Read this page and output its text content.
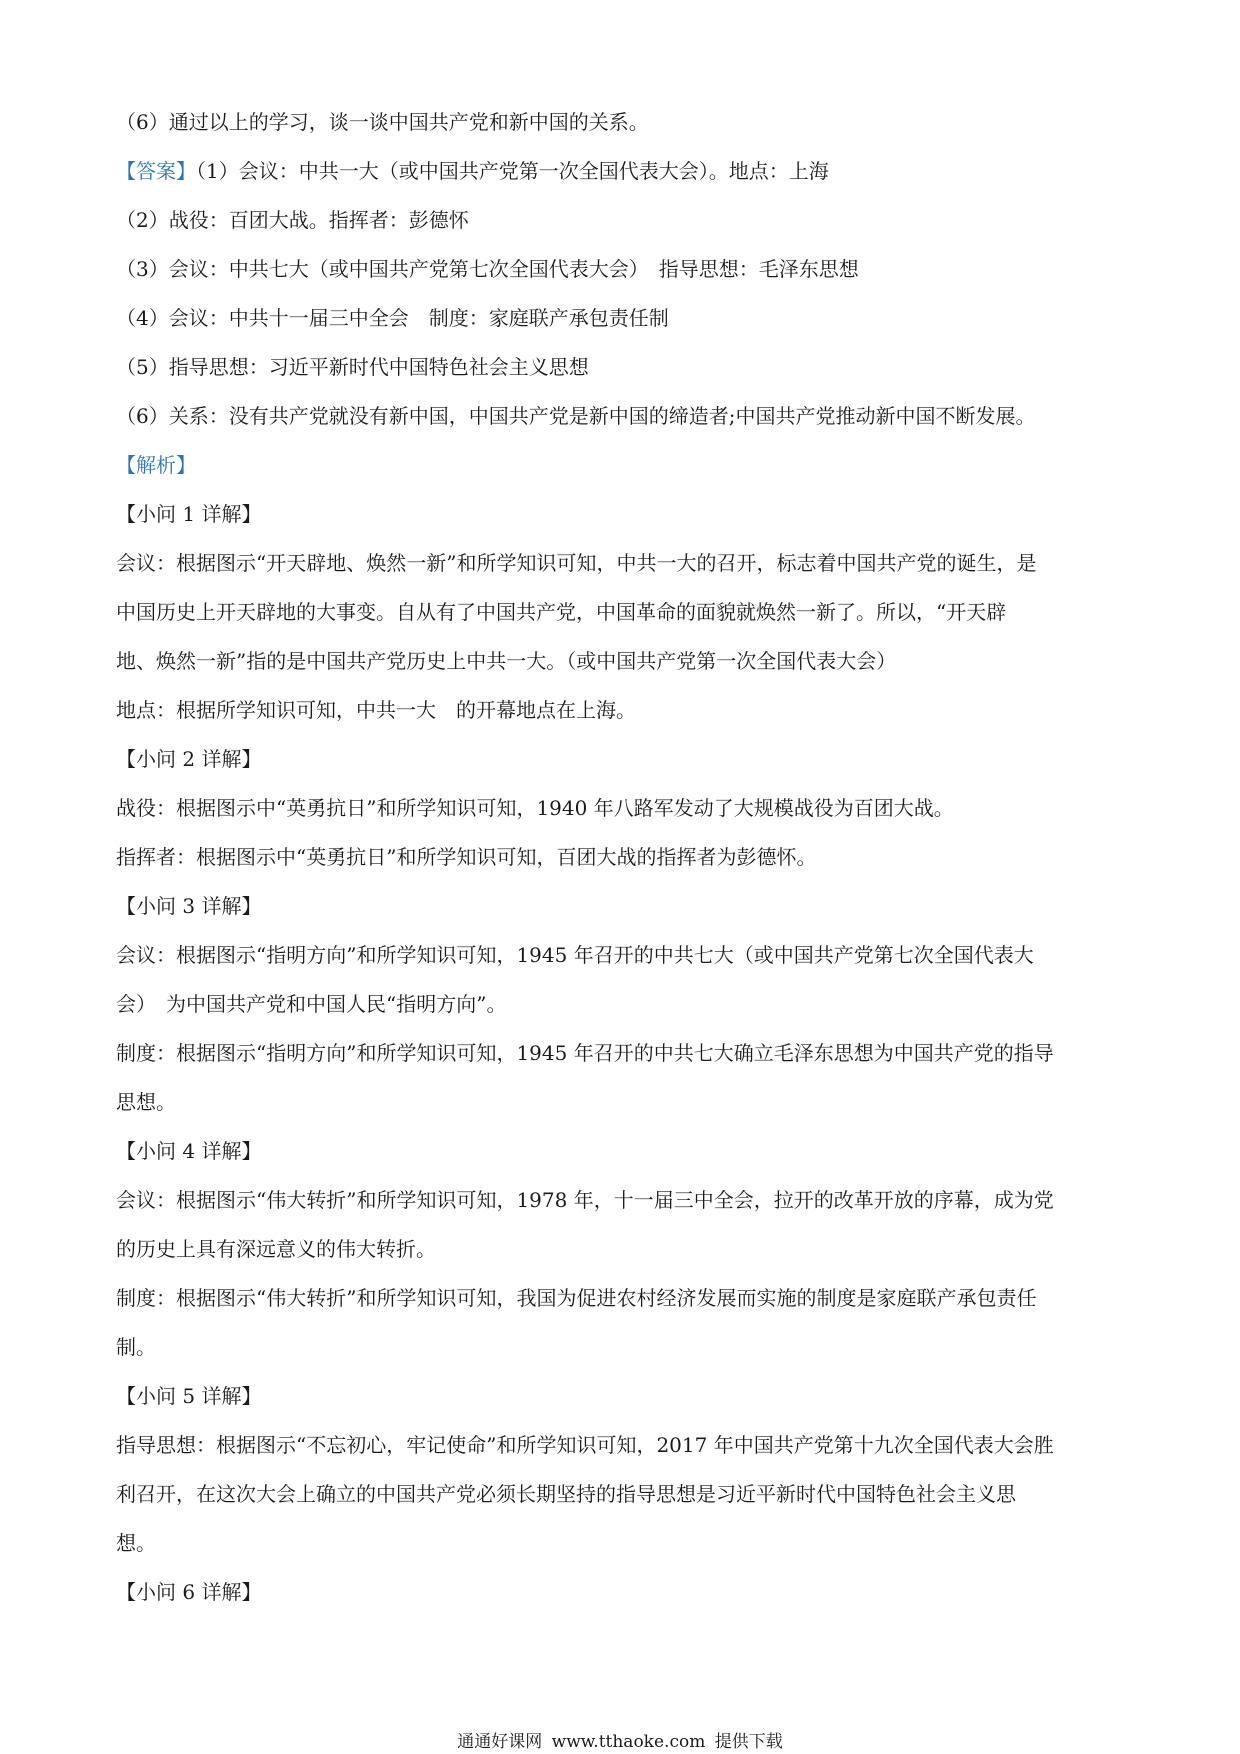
（6）通过以上的学习，谈一谈中国共产党和新中国的关系。
【答案】（1）会议：中共一大（或中国共产党第一次全国代表大会）。地点：上海
（2）战役：百团大战。指挥者：彭德怀
（3）会议：中共七大（或中国共产党第七次全国代表大会）　指导思想：毛泽东思想
（4）会议：中共十一届三中全会　制度：家庭联产承包责任制
（5）指导思想：习近平新时代中国特色社会主义思想
（6）关系：没有共产党就没有新中国，中国共产党是新中国的缔造者;中国共产党推动新中国不断发展。
【解析】
【小问 1 详解】
会议：根据图示“开天辟地、焕然一新”和所学知识可知，中共一大的召开，标志着中国共产党的诞生，是
中国历史上开天辟地的大事变。自从有了中国共产党，中国革命的面貌就焕然一新了。所以，“开天辟
地、焕然一新”指的是中国共产党历史上中共一大。（或中国共产党第一次全国代表大会）
地点：根据所学知识可知，中共一大　的开幕地点在上海。
【小问 2 详解】
战役：根据图示中“英勇抗日”和所学知识可知，1940 年八路军发动了大规模战役为百团大战。
指挥者：根据图示中“英勇抗日”和所学知识可知，百团大战的指挥者为彭德怀。
【小问 3 详解】
会议：根据图示“指明方向”和所学知识可知，1945 年召开的中共七大（或中国共产党第七次全国代表大
会）　为中国共产党和中国人民“指明方向”。
制度：根据图示“指明方向”和所学知识可知，1945 年召开的中共七大确立毛泽东思想为中国共产党的指导
思想。
【小问 4 详解】
会议：根据图示“伟大转折”和所学知识可知，1978 年，十一届三中全会，拉开的改革开放的序幕，成为党
的历史上具有深远意义的伟大转折。
制度：根据图示“伟大转折”和所学知识可知，我国为促进农村经济发展而实施的制度是家庭联产承包责任
制。
【小问 5 详解】
指导思想：根据图示“不忘初心，牢记使命”和所学知识可知，2017 年中国共产党第十九次全国代表大会胜
利召开，在这次大会上确立的中国共产党必须长期坚持的指导思想是习近平新时代中国特色社会主义思
想。
【小问 6 详解】
通通好课网 www.tthaoke.com 提供下载
